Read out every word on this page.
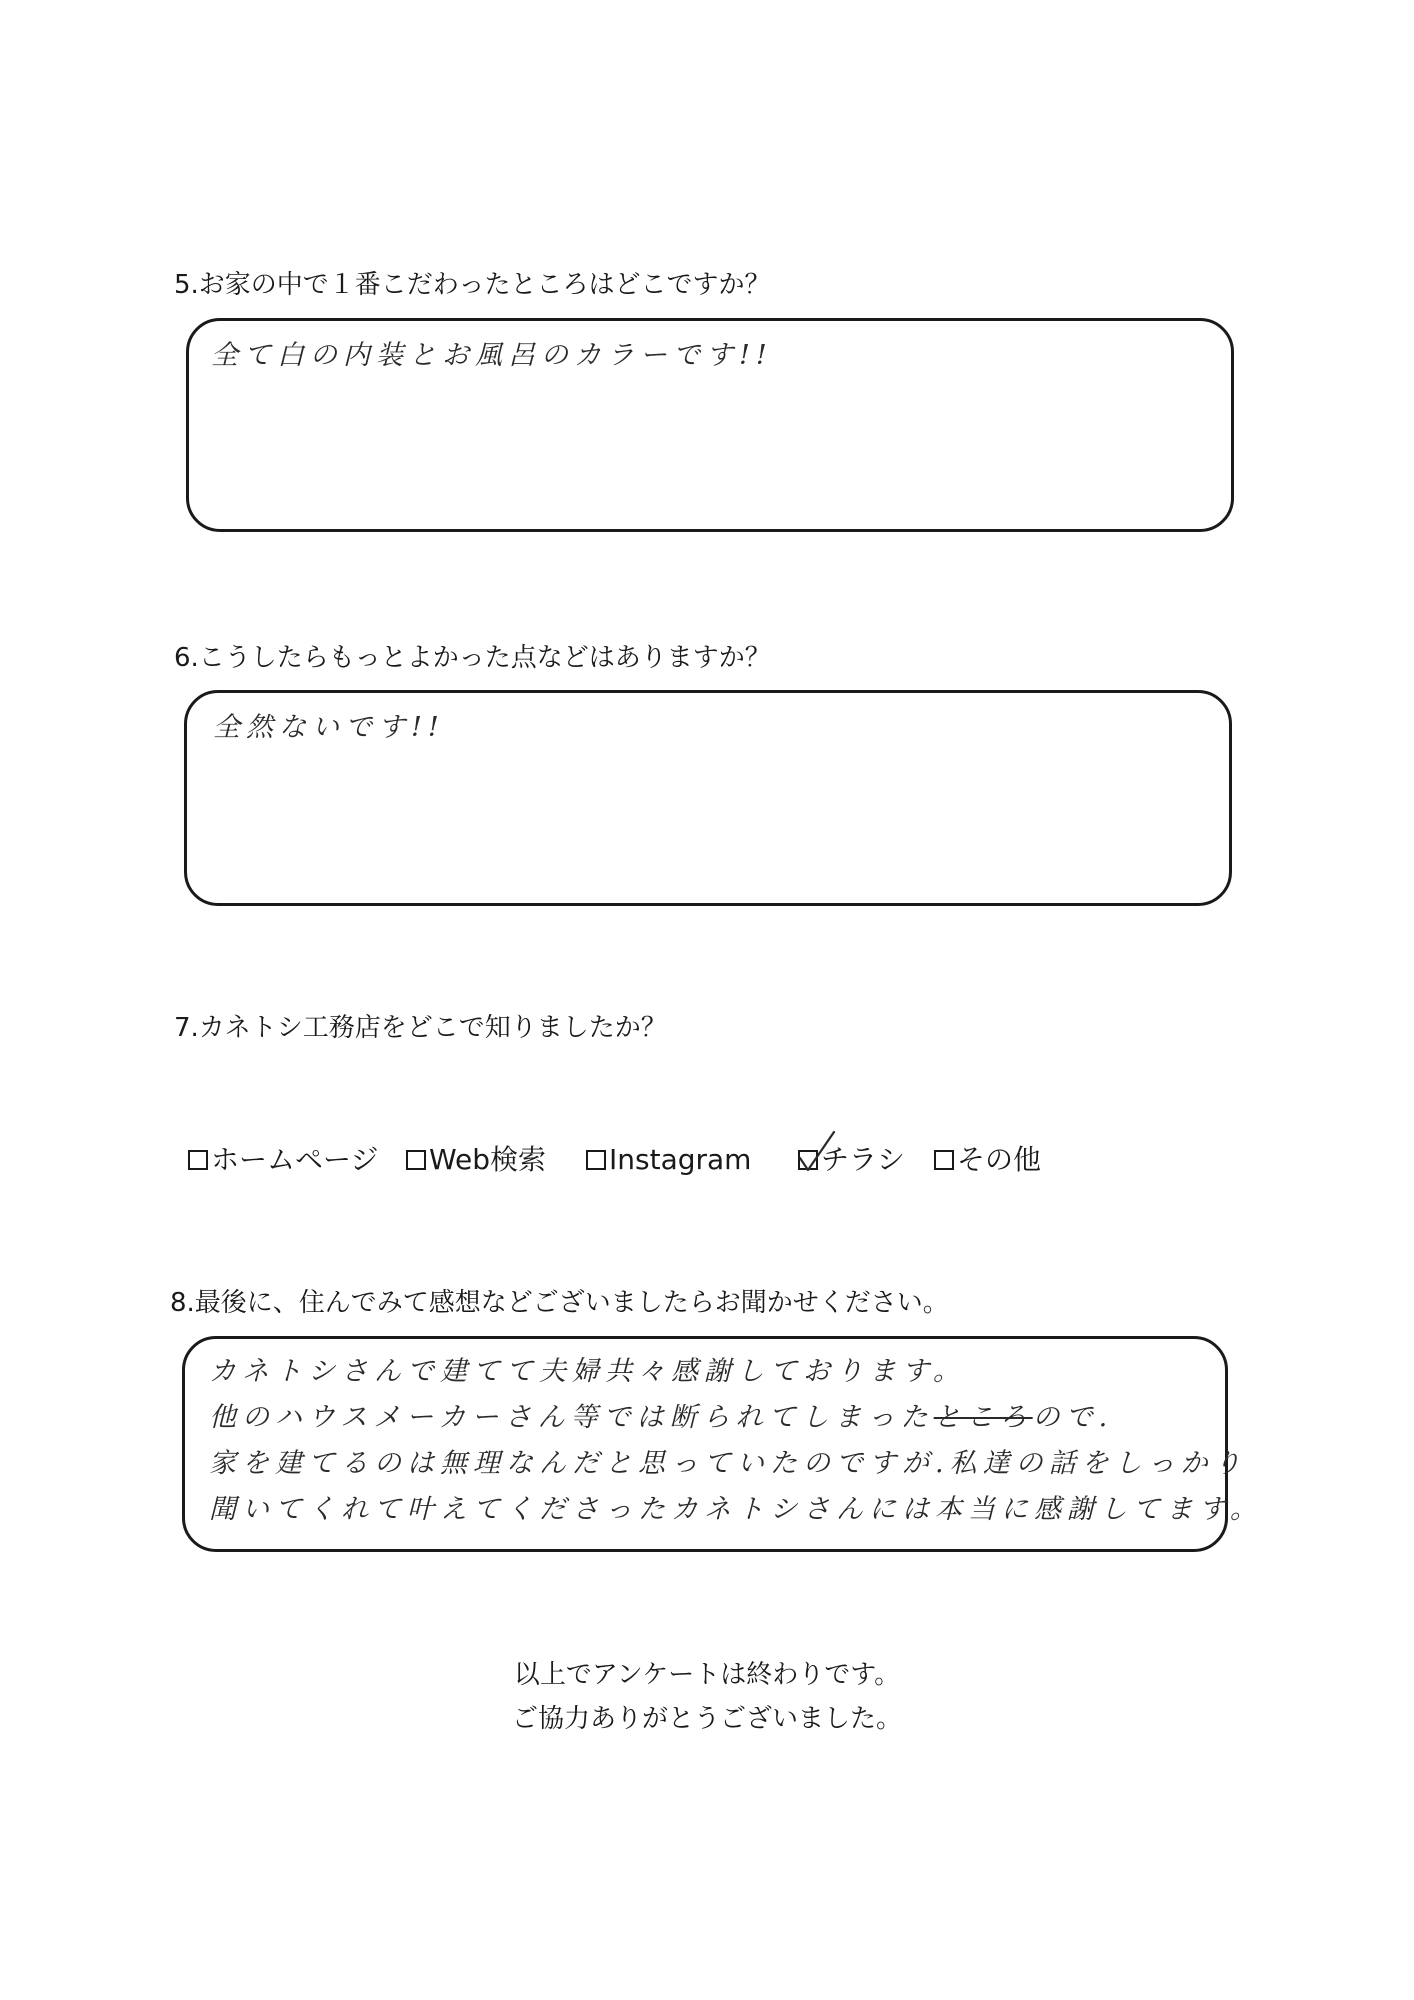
5.お家の中で１番こだわったところはどこですか？
全て白の内装とお風呂のカラーです!!
6.こうしたらもっとよかった点などはありますか？
全然ないです!!
7.カネトシ工務店をどこで知りましたか？
ホームページ Web検索 Instagram チラシ その他
8.最後に、住んでみて感想などございましたらお聞かせください。
カネトシさんで建てて夫婦共々感謝しております。
他のハウスメーカーさん等では断られてしまったところので.
家を建てるのは無理なんだと思っていたのですが.私達の話をしっかり
聞いてくれて叶えてくださったカネトシさんには本当に感謝してます。
以上でアンケートは終わりです。
ご協力ありがとうございました。
